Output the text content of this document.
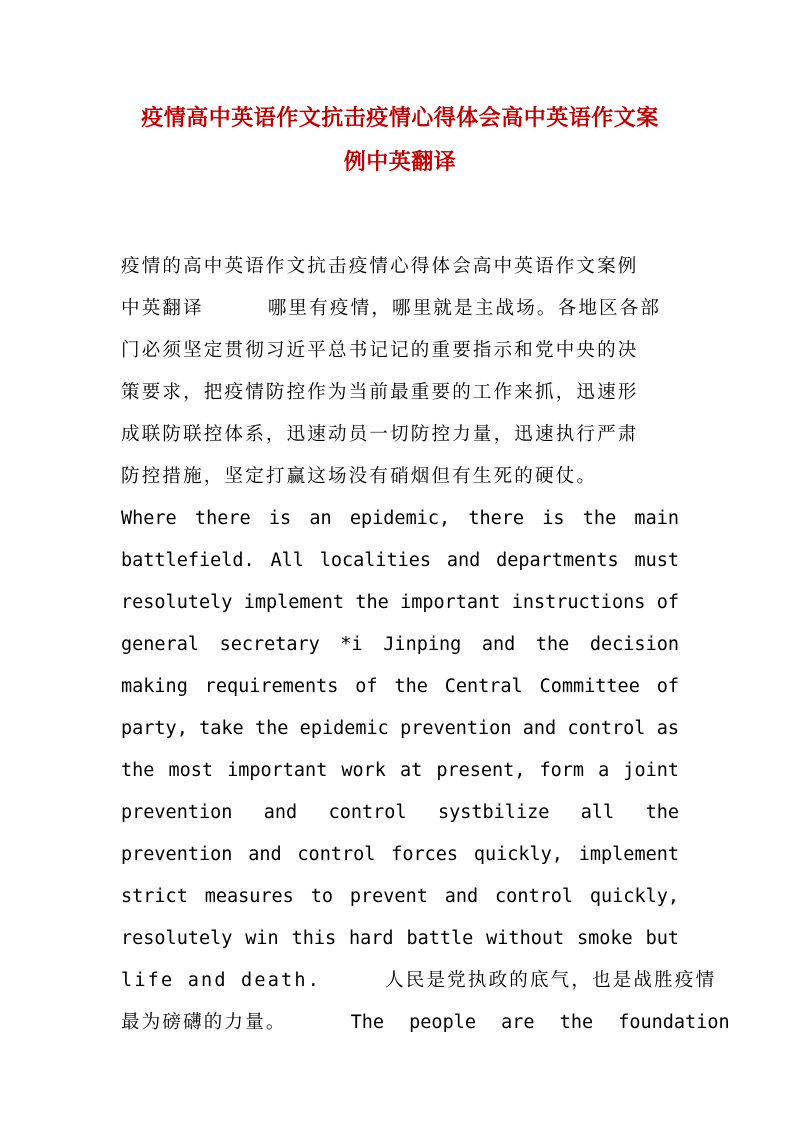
疫情高中英语作文抗击疫情心得体会高中英语作文案
例中英翻译
疫情的高中英语作文抗击疫情心得体会高中英语作文案例
中英翻译	哪里有疫情，哪里就是主战场。各地区各部
门必须坚定贯彻习近平总书记记的重要指示和党中央的决
策要求，把疫情防控作为当前最重要的工作来抓，迅速形
成联防联控体系，迅速动员一切防控力量，迅速执行严肃
防控措施，坚定打赢这场没有硝烟但有生死的硬仗。
Where there is an epidemic, there is the main
battlefield. All localities and departments must
resolutely implement the important instructions of
general secretary *i Jinping and the decision
making requirements of the Central Committee of
party, take the epidemic prevention and control as
the most important work at present, form a joint
prevention and control systbilize all the
prevention and control forces quickly, implement
strict measures to prevent and control quickly,
resolutely win this hard battle without smoke but
life and death.	人民是党执政的底气，也是战胜疫情
最为磅礴的力量。	The people are the foundation
